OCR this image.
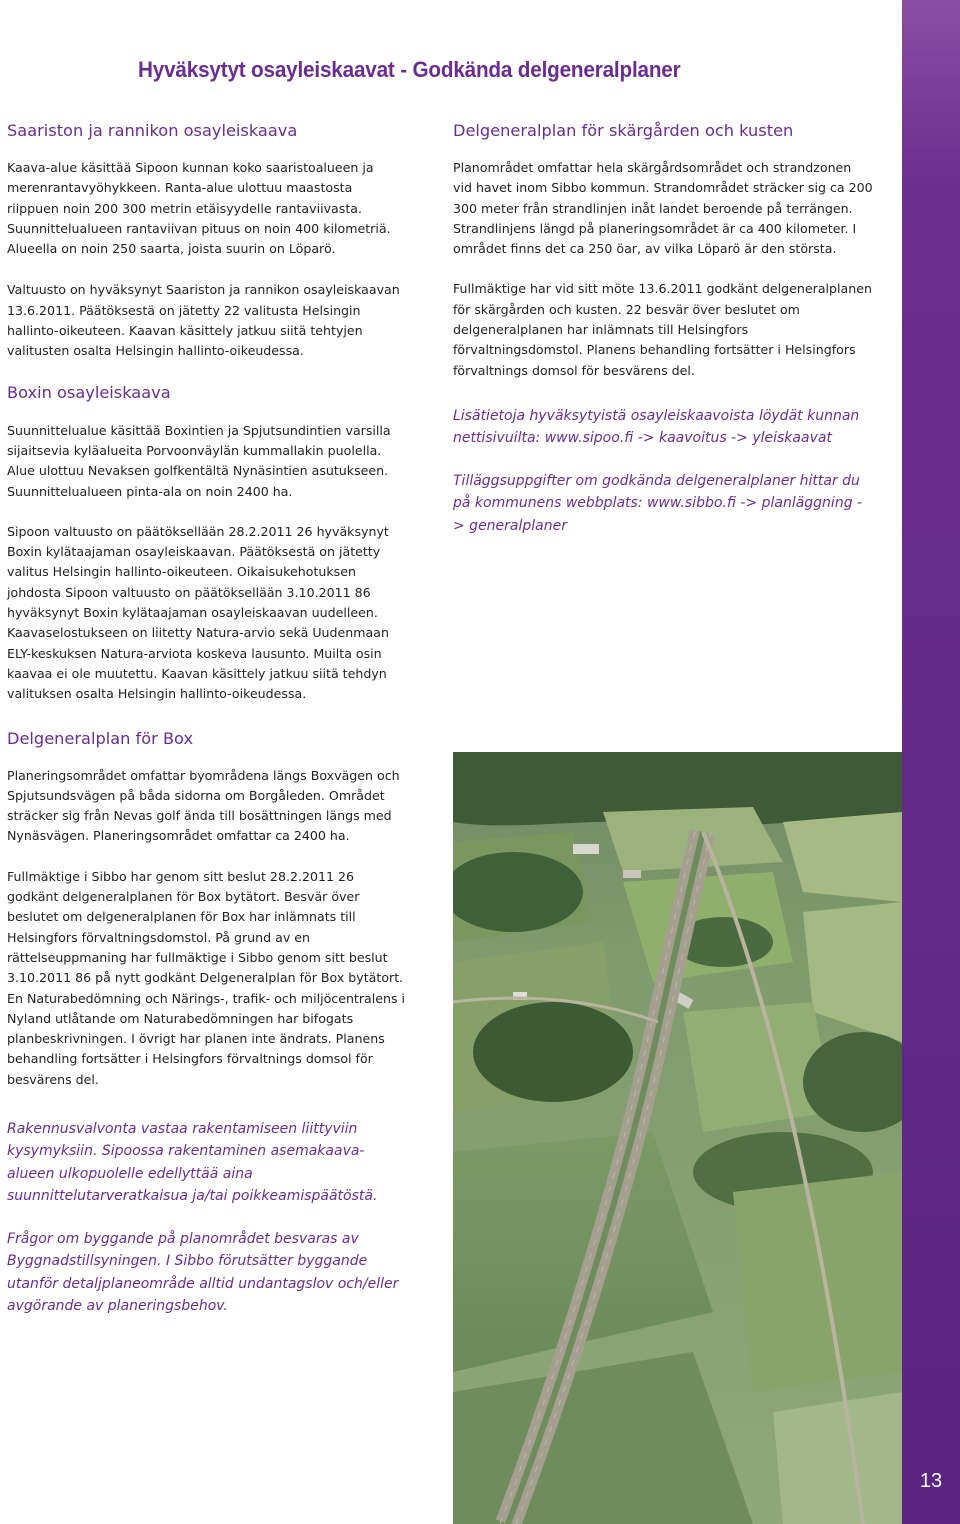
13
Hyväksytyt osayleiskaavat - Godkända delgeneralplaner
Saariston ja rannikon osayleiskaava

Kaava-alue käsittää Sipoon kunnan koko saaristoalueen ja merenrantavyöhykkeen. Ranta-alue ulottuu maastosta riippuen noin 200 300 metrin etäisyydelle rantaviivasta. Suunnittelualueen rantaviivan pituus on noin 400 kilometriä. Alueella on noin 250 saarta, joista suurin on Löparö.

Valtuusto on hyväksynyt Saariston ja rannikon osayleiskaavan 13.6.2011. Päätöksestä on jätetty 22 valitusta Helsingin hallinto-oikeuteen. Kaavan käsittely jatkuu siitä tehtyjen valitusten osalta Helsingin hallinto-oikeudessa.

Boxin osayleiskaava

Suunnittelualue käsittää Boxintien ja Spjutsundintien varsilla sijaitsevia kyläalueita Porvoonväylän kummallakin puolella. Alue ulottuu Nevaksen golfkentältä Nynäsintien asutukseen. Suunnittelualueen pinta-ala on noin 2400 ha.

Sipoon valtuusto on päätöksellään 28.2.2011 26 hyväksynyt Boxin kylätaajaman osayleiskaavan. Päätöksestä on jätetty valitus Helsingin hallinto-oikeuteen. Oikaisukehotuksen johdosta Sipoon valtuusto on päätöksellään 3.10.2011 86 hyväksynyt Boxin kylätaajaman osayleiskaavan uudelleen. Kaavaselostukseen on liitetty Natura-arvio sekä Uudenmaan ELY-keskuksen Natura-arviota koskeva lausunto. Muilta osin kaavaa ei ole muutettu. Kaavan käsittely jatkuu siitä tehdyn valituksen osalta Helsingin hallinto-oikeudessa.

Delgeneralplan för Box

Planeringsområdet omfattar byområdena längs Boxvägen och Spjutsundsvägen på båda sidorna om Borgåleden. Området sträcker sig från Nevas golf ända till bosättningen längs med Nynäsvägen. Planeringsområdet omfattar ca 2400 ha.

Fullmäktige i Sibbo har genom sitt beslut 28.2.2011 26 godkänt delgeneralplanen för Box bytätort. Besvär över beslutet om delgeneralplanen för Box har inlämnats till Helsingfors förvaltningsdomstol. På grund av en rättelseuppmaning har fullmäktige i Sibbo genom sitt beslut 3.10.2011 86 på nytt godkänt Delgeneralplan för Box bytätort. En Naturabedömning och Närings-, trafik- och miljöcentralens i Nyland utlåtande om Naturabedömningen har bifogats planbeskrivningen. I övrigt har planen inte ändrats. Planens behandling fortsätter i Helsingfors förvaltnings domsol för besvärens del.

Rakennusvalvonta vastaa rakentamiseen liittyviin kysymyksiin. Sipoossa rakentaminen asemakaava-alueen ulkopuolelle edellyttää aina suunnittelutarveratkaisua ja/tai poikkeamispäätöstä.

Frågor om byggande på planområdet besvaras av Byggnadstillsyningen. I Sibbo förutsätter byggande utanför detaljplaneområde alltid undantagslov och/eller avgörande av planeringsbehov.

Delgeneralplan för skärgården och kusten

Planområdet omfattar hela skärgårdsområdet och strandzonen vid havet inom Sibbo kommun. Strandområdet sträcker sig ca 200 300 meter från strandlinjen inåt landet beroende på terrängen. Strandlinjens längd på planeringsområdet är ca 400 kilometer. I området finns det ca 250 öar, av vilka Löparö är den största.

Fullmäktige har vid sitt möte 13.6.2011 godkänt delgeneralplanen för skärgården och kusten. 22 besvär över beslutet om delgeneralplanen har inlämnats till Helsingfors förvaltningsdomstol. Planens behandling fortsätter i Helsingfors förvaltnings domsol för besvärens del.

Lisätietoja hyväksytyistä osayleiskaavoista löydät kunnan nettisivuilta: www.sipoo.fi -> kaavoitus -> yleiskaavat

Tilläggsuppgifter om godkända delgeneralplaner hittar du på kommunens webbplats: www.sibbo.fi -> planläggning -> generalplaner
